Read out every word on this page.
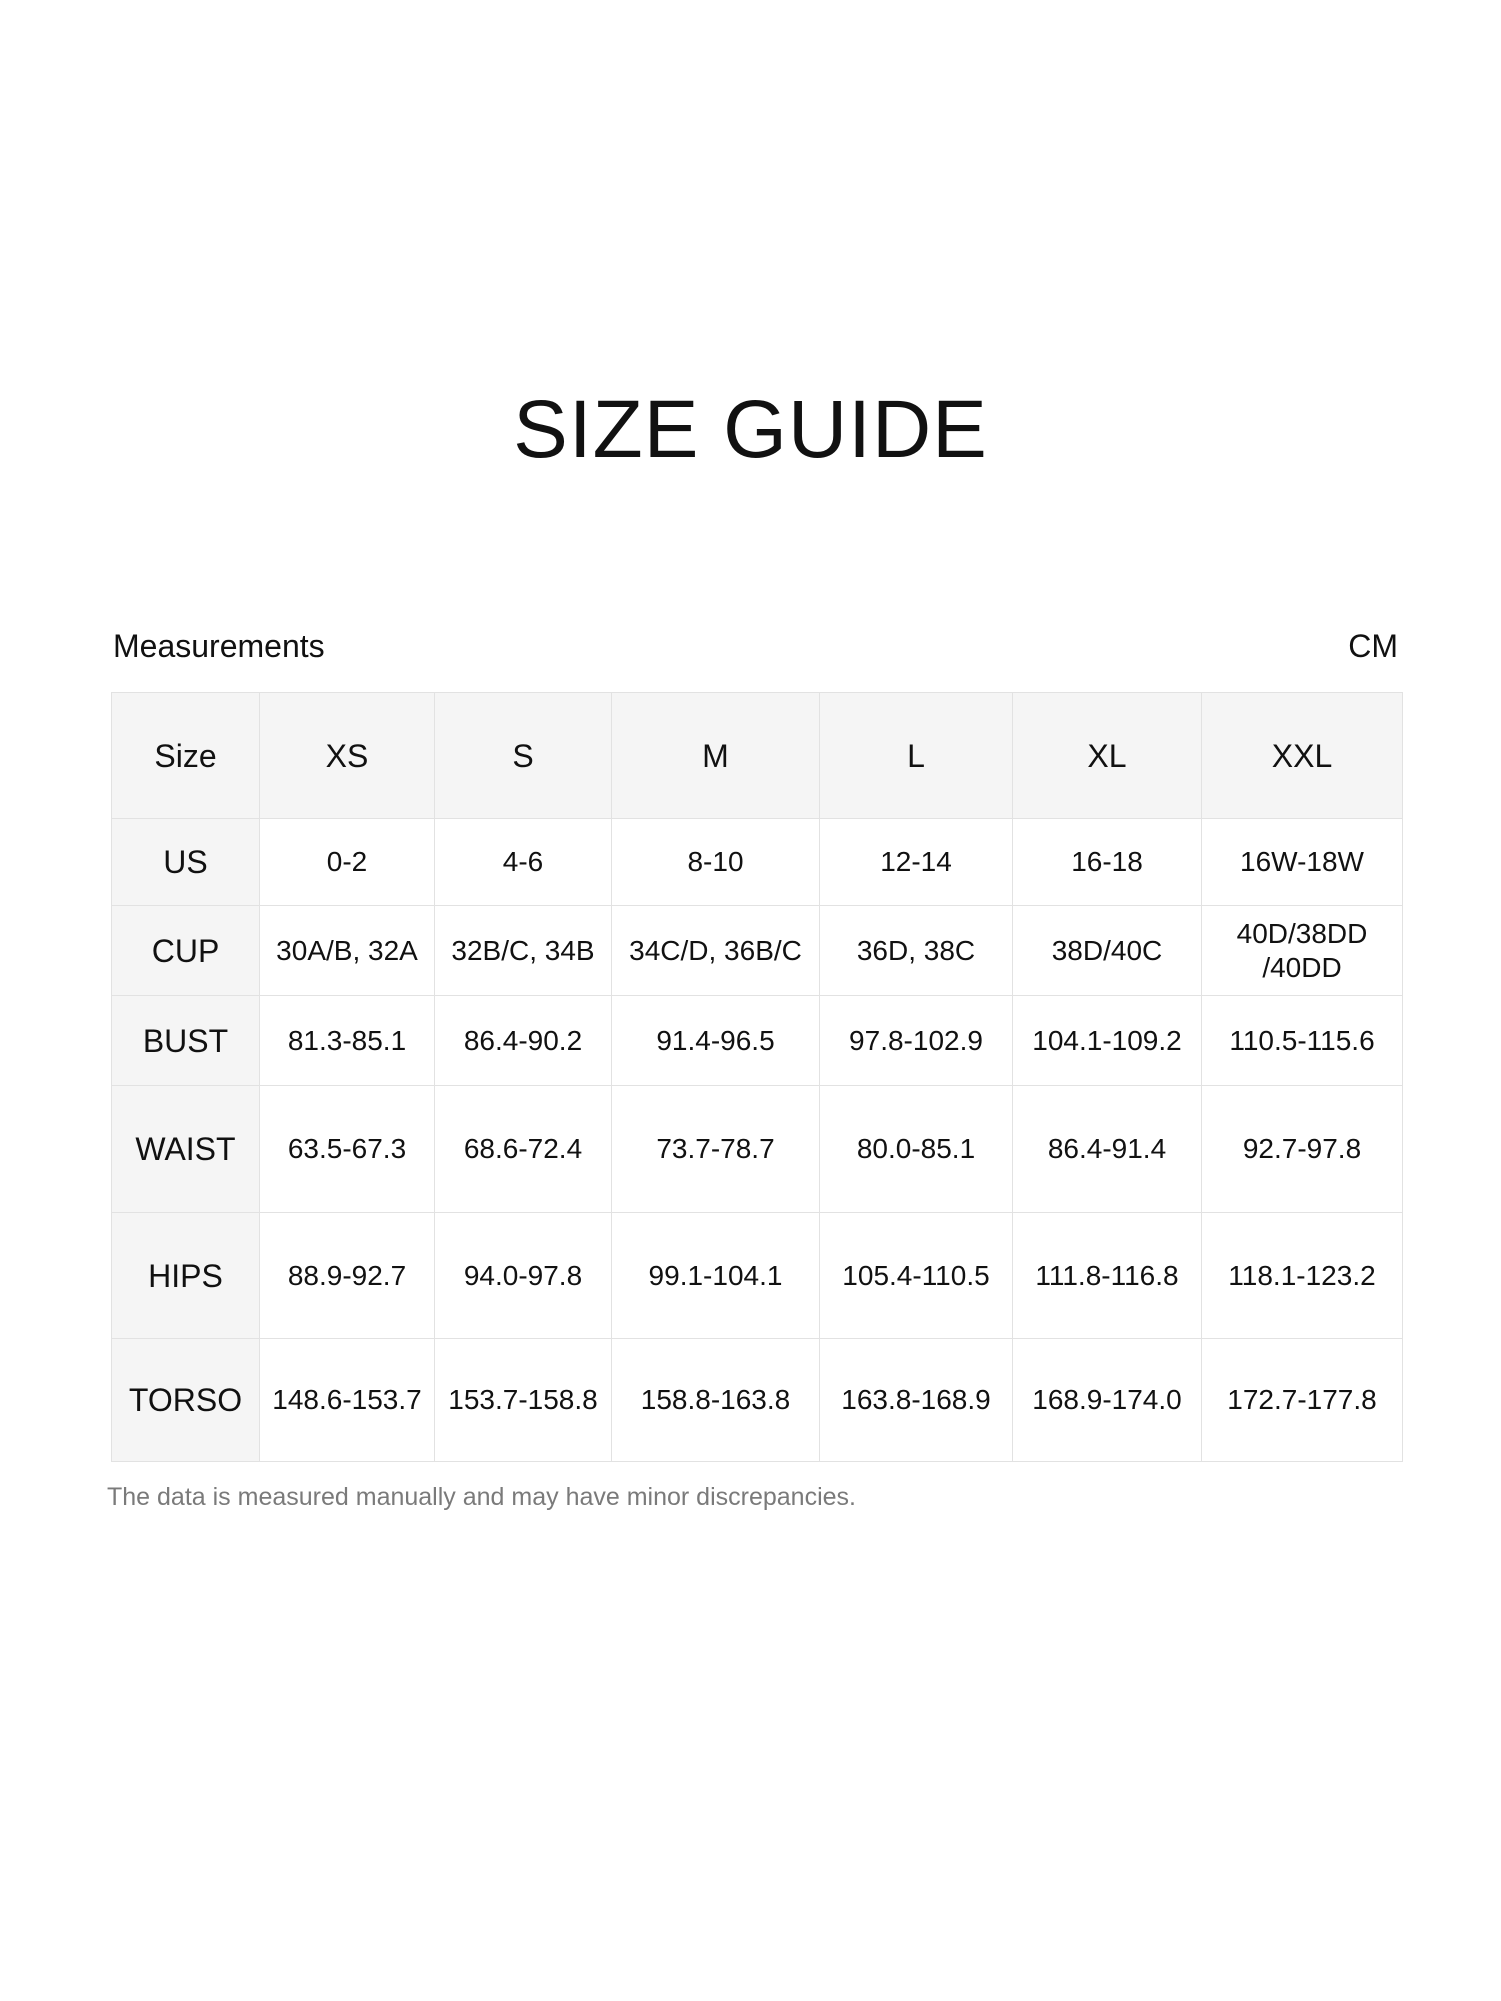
SIZE GUIDE
Measurements	CM
Size	XS	S	M	L	XL	XXL
US	0-2	4-6	8-10	12-14	16-18	16W-18W
CUP	30A/B, 32A	32B/C, 34B	34C/D, 36B/C	36D, 38C	38D/40C	40D/38DD
/40DD
BUST	81.3-85.1	86.4-90.2	91.4-96.5	97.8-102.9	104.1-109.2	110.5-115.6
WAIST	63.5-67.3	68.6-72.4	73.7-78.7	80.0-85.1	86.4-91.4	92.7-97.8
HIPS	88.9-92.7	94.0-97.8	99.1-104.1	105.4-110.5	111.8-116.8	118.1-123.2
TORSO	148.6-153.7	153.7-158.8	158.8-163.8	163.8-168.9	168.9-174.0	172.7-177.8
The data is measured manually and may have minor discrepancies.
